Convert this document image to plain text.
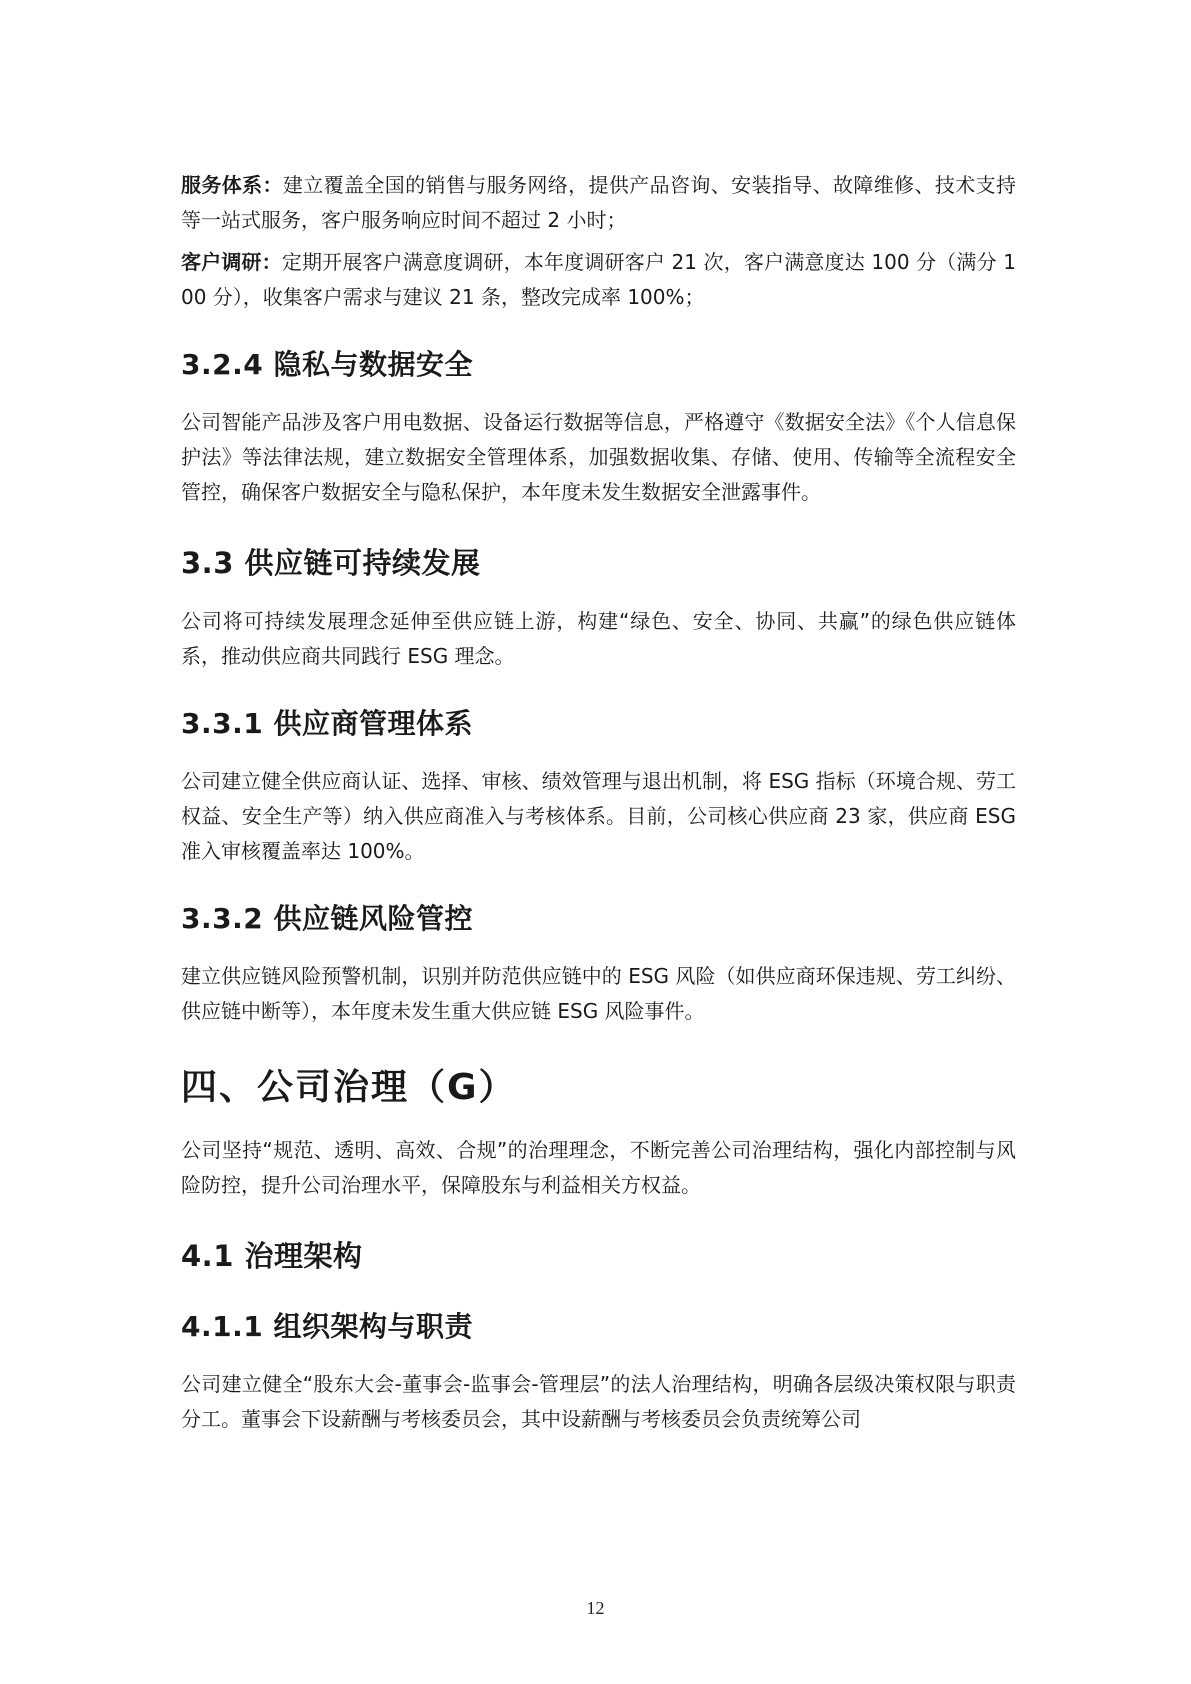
服务体系：建立覆盖全国的销售与服务网络，提供产品咨询、安装指导、故障维修、技术支持等一站式服务，客户服务响应时间不超过 2 小时；

客户调研：定期开展客户满意度调研，本年度调研客户 21 次，客户满意度达 100 分（满分 100 分），收集客户需求与建议 21 条，整改完成率 100%；

3.2.4 隐私与数据安全

公司智能产品涉及客户用电数据、设备运行数据等信息，严格遵守《数据安全法》《个人信息保护法》等法律法规，建立数据安全管理体系，加强数据收集、存储、使用、传输等全流程安全管控，确保客户数据安全与隐私保护，本年度未发生数据安全泄露事件。

3.3 供应链可持续发展

公司将可持续发展理念延伸至供应链上游，构建“绿色、安全、协同、共赢”的绿色供应链体系，推动供应商共同践行 ESG 理念。

3.3.1 供应商管理体系

公司建立健全供应商认证、选择、审核、绩效管理与退出机制，将 ESG 指标（环境合规、劳工权益、安全生产等）纳入供应商准入与考核体系。目前，公司核心供应商 23 家，供应商 ESG 准入审核覆盖率达 100%。

3.3.2 供应链风险管控

建立供应链风险预警机制，识别并防范供应链中的 ESG 风险（如供应商环保违规、劳工纠纷、供应链中断等），本年度未发生重大供应链 ESG 风险事件。

四、公司治理（G）

公司坚持“规范、透明、高效、合规”的治理理念，不断完善公司治理结构，强化内部控制与风险防控，提升公司治理水平，保障股东与利益相关方权益。

4.1 治理架构
4.1.1 组织架构与职责

公司建立健全“股东大会-董事会-监事会-管理层”的法人治理结构，明确各层级决策权限与职责分工。董事会下设薪酬与考核委员会，其中设薪酬与考核委员会负责统筹公司

12
